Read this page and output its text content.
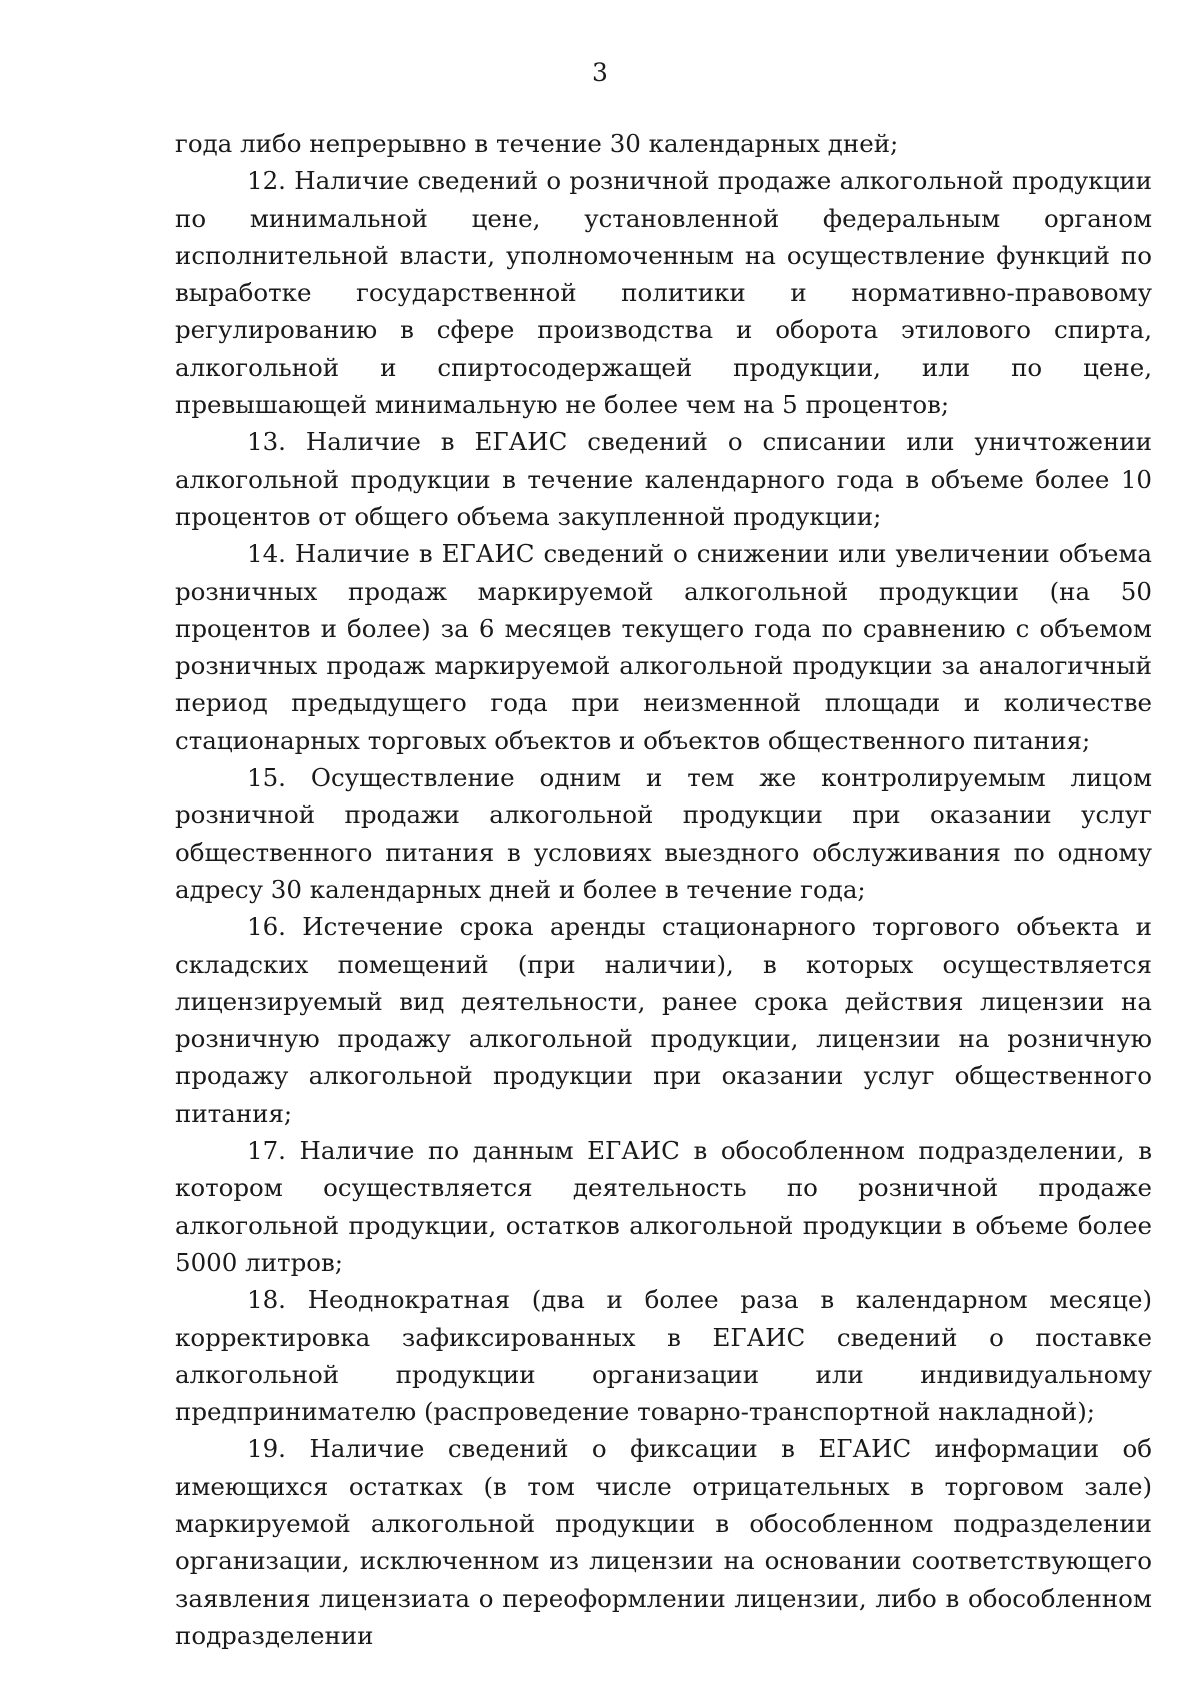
3

года либо непрерывно в течение 30 календарных дней;

12. Наличие сведений о розничной продаже алкогольной продукции по минимальной цене, установленной федеральным органом исполнительной власти, уполномоченным на осуществление функций по выработке государственной политики и нормативно-правовому регулированию в сфере производства и оборота этилового спирта, алкогольной и спиртосодержащей продукции, или по цене, превышающей минимальную не более чем на 5 процентов;

13. Наличие в ЕГАИС сведений о списании или уничтожении алкогольной продукции в течение календарного года в объеме более 10 процентов от общего объема закупленной продукции;

14. Наличие в ЕГАИС сведений о снижении или увеличении объема розничных продаж маркируемой алкогольной продукции (на 50 процентов и более) за 6 месяцев текущего года по сравнению с объемом розничных продаж маркируемой алкогольной продукции за аналогичный период предыдущего года при неизменной площади и количестве стационарных торговых объектов и объектов общественного питания;

15. Осуществление одним и тем же контролируемым лицом розничной продажи алкогольной продукции при оказании услуг общественного питания в условиях выездного обслуживания по одному адресу 30 календарных дней и более в течение года;

16. Истечение срока аренды стационарного торгового объекта и складских помещений (при наличии), в которых осуществляется лицензируемый вид деятельности, ранее срока действия лицензии на розничную продажу алкогольной продукции, лицензии на розничную продажу алкогольной продукции при оказании услуг общественного питания;

17. Наличие по данным ЕГАИС в обособленном подразделении, в котором осуществляется деятельность по розничной продаже алкогольной продукции, остатков алкогольной продукции в объеме более 5000 литров;

18. Неоднократная (два и более раза в календарном месяце) корректировка зафиксированных в ЕГАИС сведений о поставке алкогольной продукции организации или индивидуальному предпринимателю (распроведение товарно-транспортной накладной);

19. Наличие сведений о фиксации в ЕГАИС информации об имеющихся остатках (в том числе отрицательных в торговом зале) маркируемой алкогольной продукции в обособленном подразделении организации, исключенном из лицензии на основании соответствующего заявления лицензиата о переоформлении лицензии, либо в обособленном подразделении
